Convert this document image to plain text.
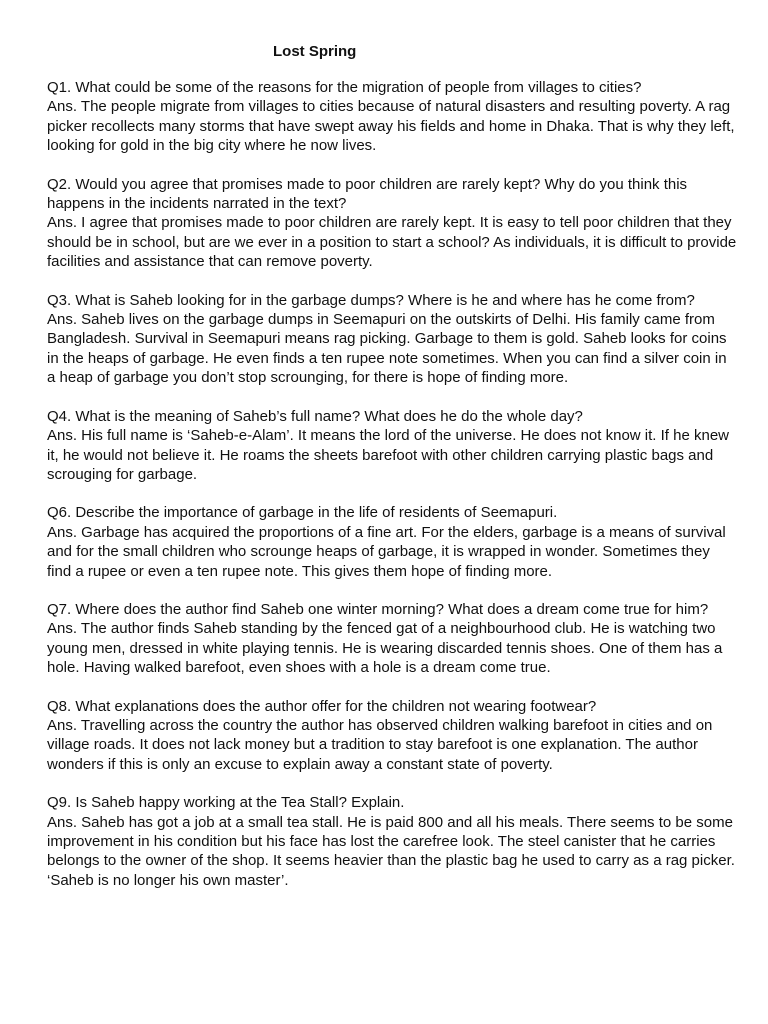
Lost Spring

Q1. What could be some of the reasons for the migration of people from villages to cities?

Ans. The people migrate from villages to cities because of natural disasters and resulting poverty. A rag picker recollects many storms that have swept away his fields and home in Dhaka. That is why they left, looking for gold in the big city where he now lives.

Q2. Would you agree that promises made to poor children are rarely kept? Why do you think this happens in the incidents narrated in the text?

Ans. I agree that promises made to poor children are rarely kept. It is easy to tell poor children that they should be in school, but are we ever in a position to start a school? As individuals, it is difficult to provide facilities and assistance that can remove poverty.

Q3. What is Saheb looking for in the garbage dumps? Where is he and where has he come from?

Ans. Saheb lives on the garbage dumps in Seemapuri on the outskirts of Delhi. His family came from Bangladesh. Survival in Seemapuri means rag picking. Garbage to them is gold. Saheb looks for coins in the heaps of garbage. He even finds a ten rupee note sometimes. When you can find a silver coin in a heap of garbage you don’t stop scrounging, for there is hope of finding more.

Q4. What is the meaning of Saheb’s full name? What does he do the whole day?

Ans. His full name is ‘Saheb-e-Alam’. It means the lord of the universe. He does not know it. If he knew it, he would not believe it. He roams the sheets barefoot with other children carrying plastic bags and scrouging for garbage.

Q6. Describe the importance of garbage in the life of residents of Seemapuri.

Ans. Garbage has acquired the proportions of a fine art. For the elders, garbage is a means of survival and for the small children who scrounge heaps of garbage, it is wrapped in wonder. Sometimes they find a rupee or even a ten rupee note. This gives them hope of finding more.

Q7. Where does the author find Saheb one winter morning? What does a dream come true for him?

Ans. The author finds Saheb standing by the fenced gat of a neighbourhood club. He is watching two young men, dressed in white playing tennis. He is wearing discarded tennis shoes. One of them has a hole. Having walked barefoot, even shoes with a hole is a dream come true.

Q8. What explanations does the author offer for the children not wearing footwear?

Ans. Travelling across the country the author has observed children walking barefoot in cities and on village roads. It does not lack money but a tradition to stay barefoot is one explanation. The author wonders if this is only an excuse to explain away a constant state of poverty.

Q9. Is Saheb happy working at the Tea Stall? Explain.

Ans. Saheb has got a job at a small tea stall. He is paid 800 and all his meals. There seems to be some improvement in his condition but his face has lost the carefree look. The steel canister that he carries belongs to the owner of the shop. It seems heavier than the plastic bag he used to carry as a rag picker. ‘Saheb is no longer his own master’.
